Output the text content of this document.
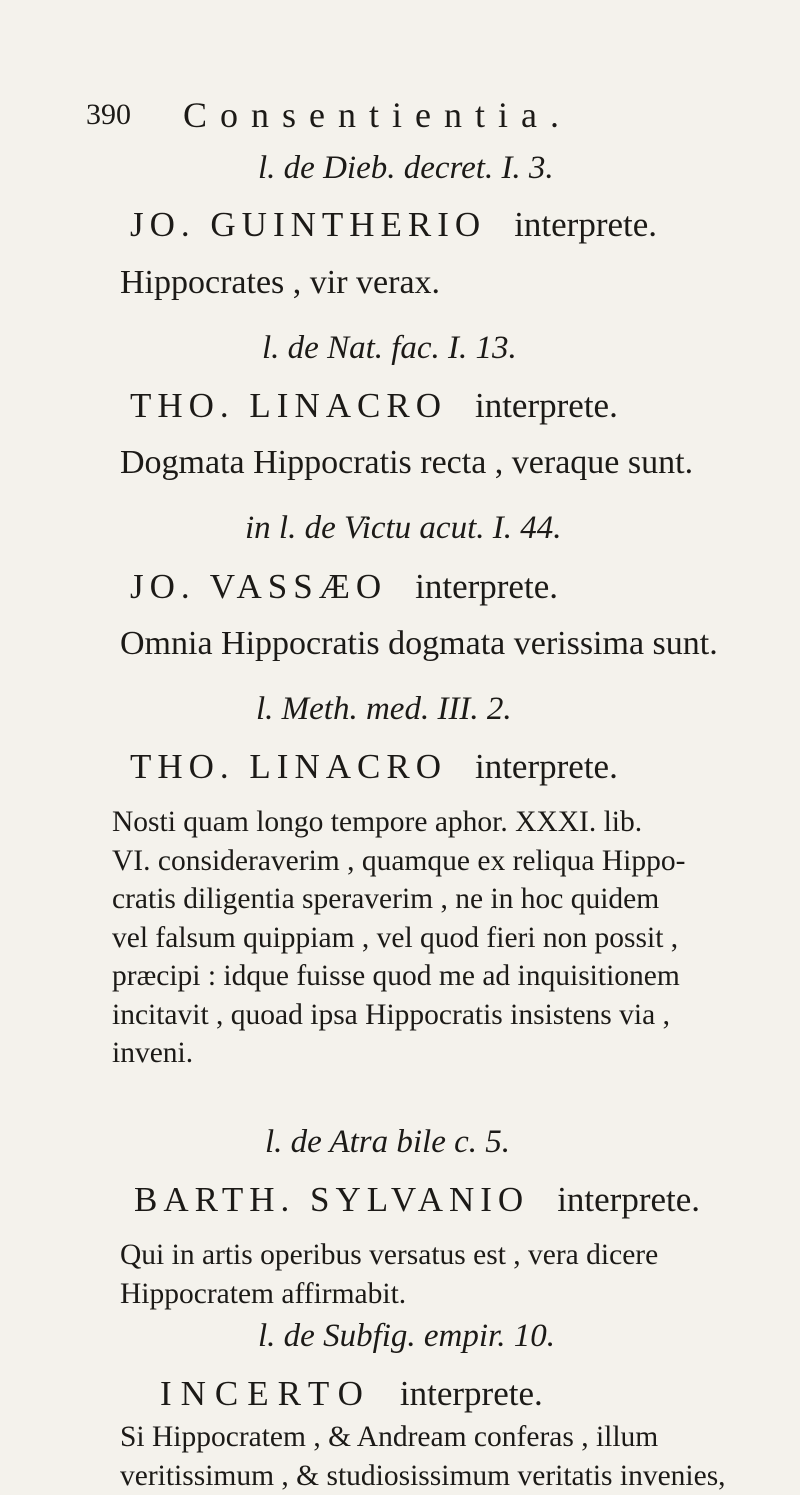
390 Consentientia.
l. de Dieb. decret. I. 3.
JO. GUINTHERIO interprete.
Hippocrates , vir verax.
l. de Nat. fac. I. 13.
THO. LINACRO interprete.
Dogmata Hippocratis recta , veraque sunt.
in l. de Victu acut. I. 44.
JO. VASSÆO interprete.
Omnia Hippocratis dogmata verissima sunt.
l. Meth. med. III. 2.
THO. LINACRO interprete.

Nosti quam longo tempore aphor. XXXI. lib.

VI. consideraverim , quamque ex reliqua Hippo-

cratis diligentia speraverim , ne in hoc quidem

vel falsum quippiam , vel quod fieri non possit ,

præcipi : idque fuisse quod me ad inquisitionem

incitavit , quoad ipsa Hippocratis insistens via ,

inveni.

l. de Atra bile c. 5.
BARTH. SYLVANIO interprete.

Qui in artis operibus versatus est , vera dicere

Hippocratem affirmabit.

l. de Subfig. empir. 10.
INCERTO interprete.

Si Hippocratem , & Andream conferas , illum

veritissimum , & studiosissimum veritatis invenies,
